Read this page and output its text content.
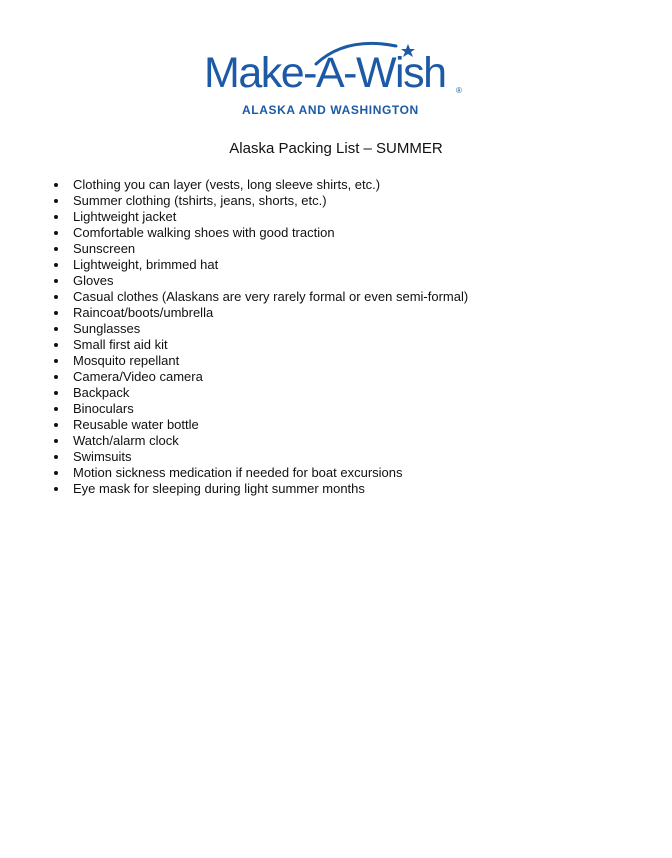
Make-A-Wish ®
ALASKA AND WASHINGTON
Alaska Packing List – SUMMER
Clothing you can layer (vests, long sleeve shirts, etc.)
Summer clothing (tshirts, jeans, shorts, etc.)
Lightweight jacket
Comfortable walking shoes with good traction
Sunscreen
Lightweight, brimmed hat
Gloves
Casual clothes (Alaskans are very rarely formal or even semi-formal)
Raincoat/boots/umbrella
Sunglasses
Small first aid kit
Mosquito repellant
Camera/Video camera
Backpack
Binoculars
Reusable water bottle
Watch/alarm clock
Swimsuits
Motion sickness medication if needed for boat excursions
Eye mask for sleeping during light summer months
